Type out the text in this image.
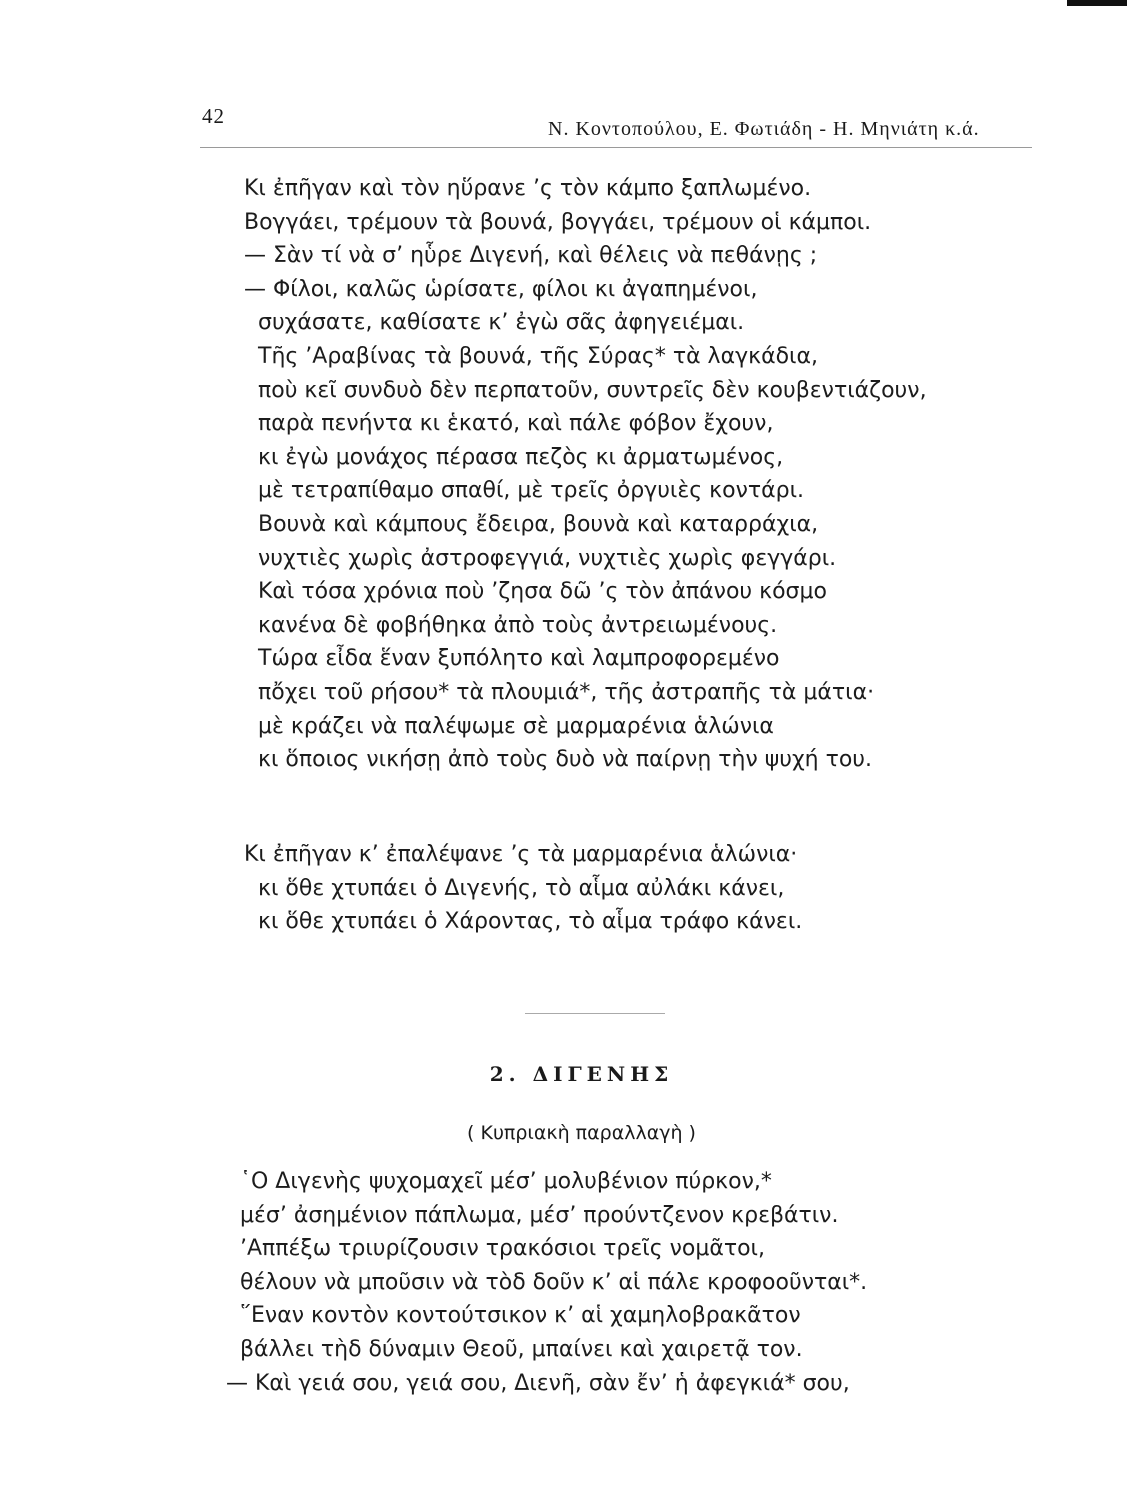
42
Ν. Κοντοπούλου, Ε. Φωτιάδη - Η. Μηνιάτη κ.ά.
Κι ἐπῆγαν καὶ τὸν ηὕρανε ’ς τὸν κάμπο ξαπλωμένο.
Βογγάει, τρέμουν τὰ βουνά, βογγάει, τρέμουν οἱ κάμποι.
— Σὰν τί νὰ σ’ ηὗρε Διγενή, καὶ θέλεις νὰ πεθάνῃς ;
— Φίλοι, καλῶς ὡρίσατε, φίλοι κι ἀγαπημένοι,
συχάσατε, καθίσατε κ’ ἐγὼ σᾶς ἀφηγειέμαι.
Τῆς ’Αραβίνας τὰ βουνά, τῆς Σύρας* τὰ λαγκάδια,
ποὺ κεῖ συνδυὸ δὲν περπατοῦν, συντρεῖς δὲν κουβεντιάζουν,
παρὰ πενήντα κι ἑκατό, καὶ πάλε φόβον ἔχουν,
κι ἐγὼ μονάχος πέρασα πεζὸς κι ἀρματωμένος,
μὲ τετραπίθαμο σπαθί, μὲ τρεῖς ὀργυιὲς κοντάρι.
Βουνὰ καὶ κάμπους ἔδειρα, βουνὰ καὶ καταρράχια,
νυχτιὲς χωρὶς ἀστροφεγγιά, νυχτιὲς χωρὶς φεγγάρι.
Καὶ τόσα χρόνια ποὺ ’ζησα δῶ ’ς τὸν ἀπάνου κόσμο
κανένα δὲ φοβήθηκα ἀπὸ τοὺς ἀντρειωμένους.
Τώρα εἶδα ἕναν ξυπόλητο καὶ λαμπροφορεμένο
πὄχει τοῦ ρήσου* τὰ πλουμιά*, τῆς ἀστραπῆς τὰ μάτια·
μὲ κράζει νὰ παλέψωμε σὲ μαρμαρένια ἁλώνια
κι ὅποιος νικήσῃ ἀπὸ τοὺς δυὸ νὰ παίρνῃ τὴν ψυχή του.
Κι ἐπῆγαν κ’ ἐπαλέψανε ’ς τὰ μαρμαρένια ἁλώνια·
κι ὅθε χτυπάει ὁ Διγενής, τὸ αἷμα αὐλάκι κάνει,
κι ὅθε χτυπάει ὁ Χάροντας, τὸ αἷμα τράφο κάνει.
2. ΔΙΓΕΝΗΣ
( Κυπριακὴ παραλλαγὴ )
῾Ο Διγενὴς ψυχομαχεῖ μέσ’ μολυβένιον πύρκον,*
μέσ’ ἀσημένιον πάπλωμα, μέσ’ προύντζενον κρεβάτιν.
’Αππέξω τριυρίζουσιν τρακόσιοι τρεῖς νομᾶτοι,
θέλουν νὰ μποῦσιν νὰ τὸδ δοῦν κ’ αἱ πάλε κροφοοῦνται*.
῞Εναν κοντὸν κοντούτσικον κ’ αἱ χαμηλοβρακᾶτον
βάλλει τὴδ δύναμιν Θεοῦ, μπαίνει καὶ χαιρετᾷ τον.
— Καὶ γειά σου, γειά σου, Διενῆ, σὰν ἔν’ ἡ ἀφεγκιά* σου,
